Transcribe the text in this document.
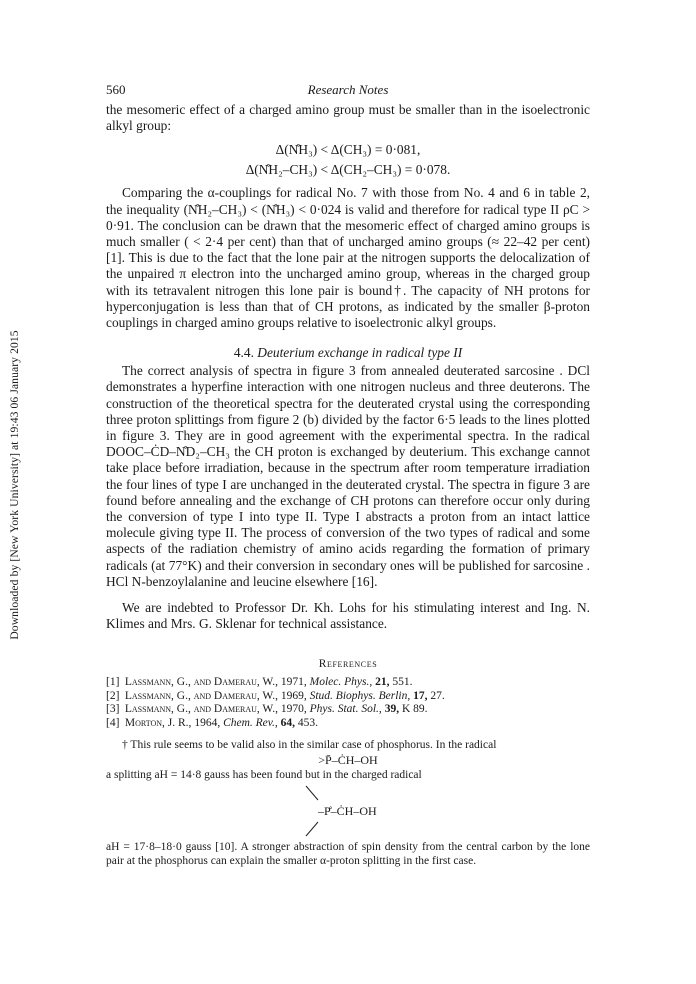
Downloaded by [New York University] at 19:43 06 January 2015
560	Research Notes

the mesomeric effect of a charged amino group must be smaller than in the isoelectronic alkyl group:

Δ(N̊H₃) < Δ(CH₃) = 0·081,
Δ(N̊H₂–CH₃) < Δ(CH₂–CH₃) = 0·078.

Comparing the α-couplings for radical No. 7 with those from No. 4 and 6 in table 2, the inequality (N̊H₂–CH₃) < (N̊H₃) < 0·024 is valid and therefore for radical type II ρC > 0·91. The conclusion can be drawn that the mesomeric effect of charged amino groups is much smaller ( < 2·4 per cent) than that of uncharged amino groups (≈ 22–42 per cent) [1]. This is due to the fact that the lone pair at the nitrogen supports the delocalization of the unpaired π electron into the uncharged amino group, whereas in the charged group with its tetravalent nitrogen this lone pair is bound†. The capacity of NH protons for hyperconjugation is less than that of CH protons, as indicated by the smaller β-proton couplings in charged amino groups relative to isoelectronic alkyl groups.

4.4. Deuterium exchange in radical type II

The correct analysis of spectra in figure 3 from annealed deuterated sarcosine . DCl demonstrates a hyperfine interaction with one nitrogen nucleus and three deuterons. The construction of the theoretical spectra for the deuterated crystal using the corresponding three proton splittings from figure 2 (b) divided by the factor 6·5 leads to the lines plotted in figure 3. They are in good agreement with the experimental spectra. In the radical DOOC–ĊD–N̊D₂–CH₃ the CH proton is exchanged by deuterium. This exchange cannot take place before irradiation, because in the spectrum after room temperature irradiation the four lines of type I are unchanged in the deuterated crystal. The spectra in figure 3 are found before annealing and the exchange of CH protons can therefore occur only during the conversion of type I into type II. Type I abstracts a proton from an intact lattice molecule giving type II. The process of conversion of the two types of radical and some aspects of the radiation chemistry of amino acids regarding the formation of primary radicals (at 77°K) and their conversion in secondary ones will be published for sarcosine . HCl N-benzoylalanine and leucine elsewhere [16].

We are indebted to Professor Dr. Kh. Lohs for his stimulating interest and Ing. N. Klimes and Mrs. G. Sklenar for technical assistance.

References
[1] Lassmann, G., and Damerau, W., 1971, Molec. Phys., 21, 551.
[2] Lassmann, G., and Damerau, W., 1969, Stud. Biophys. Berlin, 17, 27.
[3] Lassmann, G., and Damerau, W., 1970, Phys. Stat. Sol., 39, K 89.
[4] Morton, J. R., 1964, Chem. Rev., 64, 453.
† This rule seems to be valid also in the similar case of phosphorus. In the radical
>P̄–ĊH–OH
a splitting aH = 14·8 gauss has been found but in the charged radical
–P̊–ĊH–OH
aH = 17·8–18·0 gauss [10]. A stronger abstraction of spin density from the central carbon by the lone pair at the phosphorus can explain the smaller α-proton splitting in the first case.
